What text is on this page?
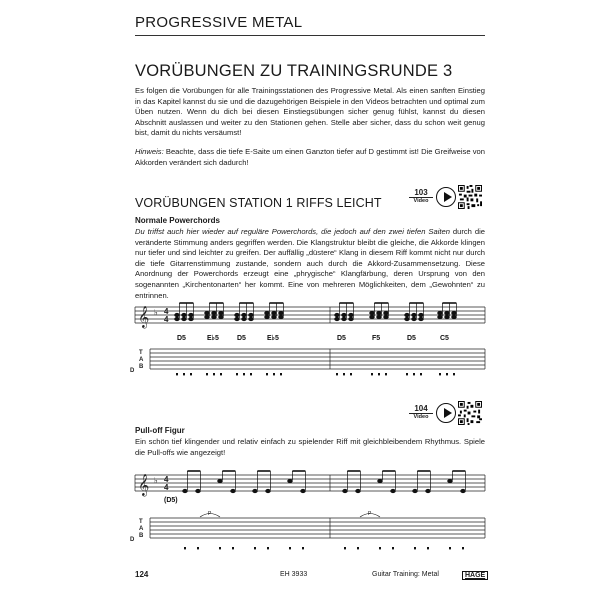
PROGRESSIVE METAL
VORÜBUNGEN ZU TRAININGSRUNDE 3
Es folgen die Vorübungen für alle Trainingsstationen des Progressive Metal. Als einen sanften Einstieg in das Kapitel kannst du sie und die dazugehörigen Beispiele in den Videos betrachten und optimal zum Üben nutzen. Wenn du dich bei diesen Einstiegsübungen sicher genug fühlst, kannst du diesen Abschnitt auslassen und weiter zu den Stationen gehen. Stelle aber sicher, dass du schon weit genug bist, damit du nichts versäumst!
Hinweis: Beachte, dass die tiefe E-Saite um einen Ganzton tiefer auf D gestimmt ist! Die Greifweise von Akkorden verändert sich dadurch!
VORÜBUNGEN STATION 1 RIFFS LEICHT
103
Video
Normale Powerchords
Du triffst auch hier wieder auf reguläre Powerchords, die jedoch auf den zwei tiefen Saiten durch die veränderte Stimmung anders gegriffen werden. Die Klangstruktur bleibt die gleiche, die Akkorde klingen nur tiefer und sind leichter zu greifen. Der auffällig „düstere“ Klang in diesem Riff kommt nicht nur durch die tiefe Gitarrenstimmung zustande, sondern auch durch die Akkord-Zusammensetzung. Diese Anordnung der Powerchords erzeugt eine „phrygische“ Klangfärbung, deren Ursprung von den sogenannten „Kirchentonarten“ her kommt. Eine von mehreren Möglichkeiten, dem „Gewohnten“ zu entrinnen.
𝄞 ♭ 4
4
T
A
B
D
D5	E♭5	D5	E♭5	D5	F5	D5	C5
104
Video
Pull-off Figur
Ein schön tief klingender und relativ einfach zu spielender Riff mit gleichbleibendem Rhythmus. Spiele die Pull-offs wie angezeigt!
𝄞 ♭ 4
4
(D5)
T
A
B
D
P	P
124	EH 3933	Guitar Training: Metal	HAGE
